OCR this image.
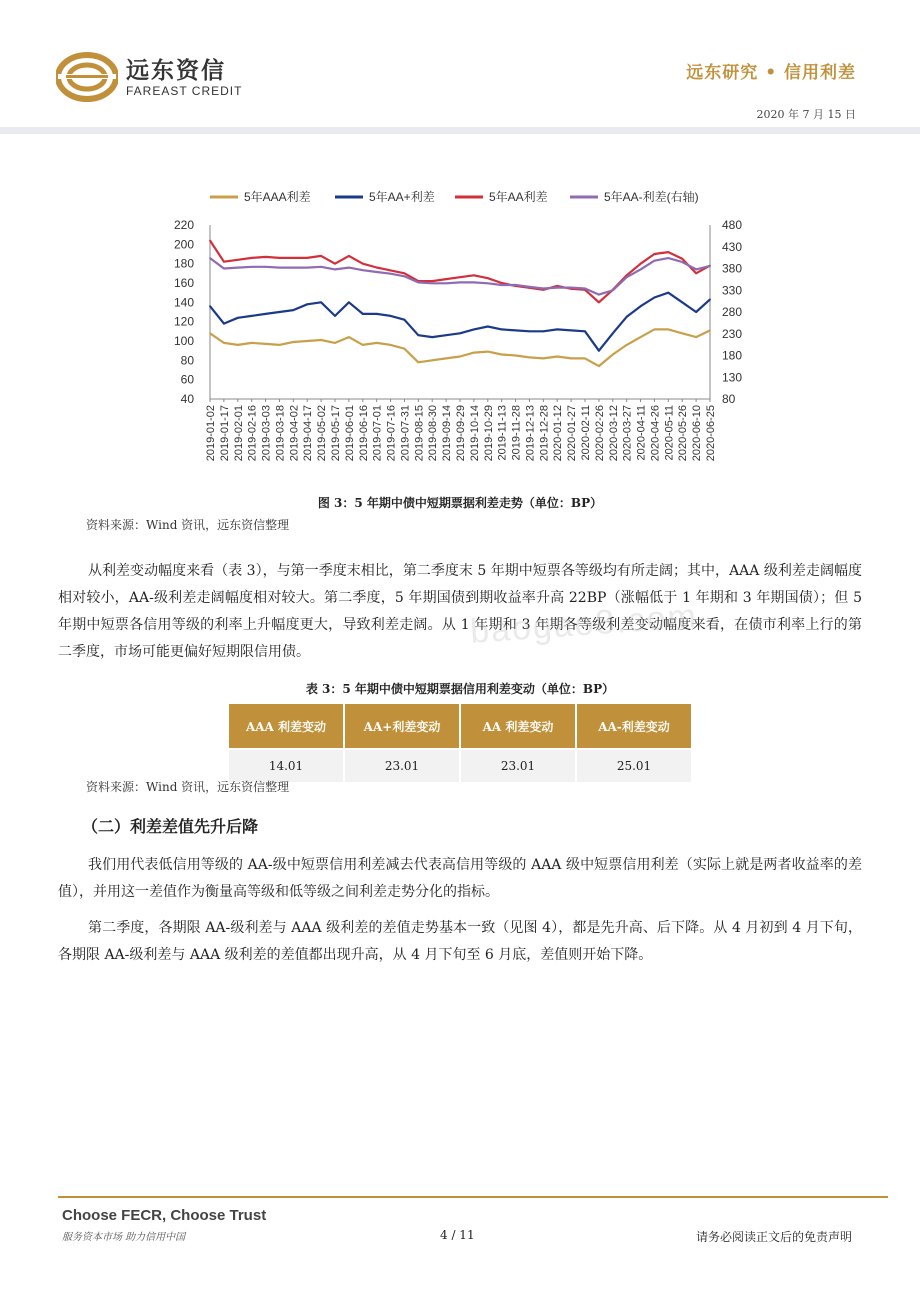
远东资信
FAREAST CREDIT
远东研究 • 信用利差
2020 年 7 月 15 日
40
60
80
100
120
140
160
180
200
220
80
130
180
230
280
330
380
430
480
2019-01-02 2019-01-17 2019-02-01 2019-02-16 2019-03-03 2019-03-18 2019-04-02 2019-04-17 2019-05-02 2019-05-17 2019-06-01 2019-06-16 2019-07-01 2019-07-16 2019-07-31 2019-08-15 2019-08-30 2019-09-14 2019-09-29 2019-10-14 2019-10-29 2019-11-13 2019-11-28 2019-12-13 2019-12-28 2020-01-12 2020-01-27 2020-02-11 2020-02-26 2020-03-12 2020-03-27 2020-04-11 2020-04-26 2020-05-11 2020-05-26 2020-06-10 2020-06-25
5年AAA利差	5年AA+利差	5年AA利差	5年AA-利差(右轴)
图 3：5 年期中债中短期票据利差走势（单位：BP）
资料来源：Wind 资讯，远东资信整理
从利差变动幅度来看（表 3），与第一季度末相比，第二季度末 5 年期中短票各等级均有所走阔；其中，AAA 级利差走阔幅度相对较小，AA-级利差走阔幅度相对较大。第二季度，5 年期国债到期收益率升高 22BP（涨幅低于 1 年期和 3 年期国债）；但 5 年期中短票各信用等级的利率上升幅度更大，导致利差走阔。从 1 年期和 3 年期各等级利差变动幅度来看，在债市利率上行的第二季度，市场可能更偏好短期限信用债。
baogao8.com
表 3：5 年期中债中短期票据信用利差变动（单位：BP）
AAA 利差变动	AA+利差变动	AA 利差变动	AA-利差变动
14.01	23.01	23.01	25.01
资料来源：Wind 资讯，远东资信整理
（二）利差差值先升后降
我们用代表低信用等级的 AA-级中短票信用利差减去代表高信用等级的 AAA 级中短票信用利差（实际上就是两者收益率的差值），并用这一差值作为衡量高等级和低等级之间利差走势分化的指标。
第二季度，各期限 AA-级利差与 AAA 级利差的差值走势基本一致（见图 4），都是先升高、后下降。从 4 月初到 4 月下旬，各期限 AA-级利差与 AAA 级利差的差值都出现升高，从 4 月下旬至 6 月底，差值则开始下降。
Choose FECR, Choose Trust
服务资本市场 助力信用中国	4 / 11	请务必阅读正文后的免责声明
